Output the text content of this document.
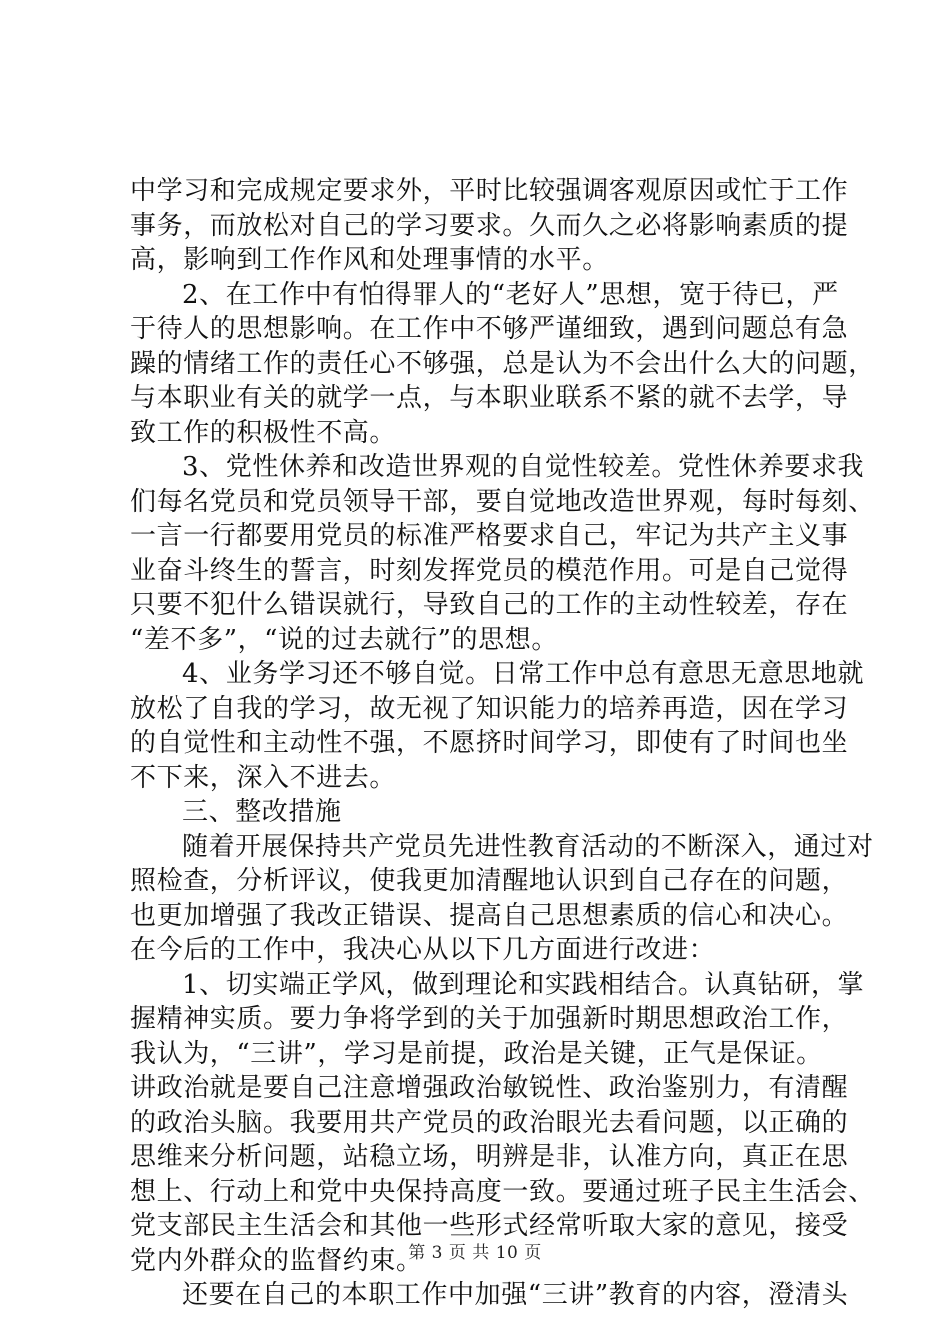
中学习和完成规定要求外，平时比较强调客观原因或忙于工作
事务，而放松对自己的学习要求。久而久之必将影响素质的提
高，影响到工作作风和处理事情的水平。
2、在工作中有怕得罪人的“老好人”思想，宽于待已，严
于待人的思想影响。在工作中不够严谨细致，遇到问题总有急
躁的情绪工作的责任心不够强，总是认为不会出什么大的问题，
与本职业有关的就学一点，与本职业联系不紧的就不去学，导
致工作的积极性不高。
3、党性休养和改造世界观的自觉性较差。党性休养要求我
们每名党员和党员领导干部，要自觉地改造世界观，每时每刻、
一言一行都要用党员的标准严格要求自己，牢记为共产主义事
业奋斗终生的誓言，时刻发挥党员的模范作用。可是自己觉得
只要不犯什么错误就行，导致自己的工作的主动性较差，存在
“差不多”，“说的过去就行”的思想。
4、业务学习还不够自觉。日常工作中总有意思无意思地就
放松了自我的学习，故无视了知识能力的培养再造，因在学习
的自觉性和主动性不强，不愿挤时间学习，即使有了时间也坐
不下来，深入不进去。
三、整改措施
随着开展保持共产党员先进性教育活动的不断深入，通过对
照检查，分析评议，使我更加清醒地认识到自己存在的问题，
也更加增强了我改正错误、提高自己思想素质的信心和决心。
在今后的工作中，我决心从以下几方面进行改进：
1、切实端正学风，做到理论和实践相结合。认真钻研，掌
握精神实质。要力争将学到的关于加强新时期思想政治工作，
我认为，“三讲”，学习是前提，政治是关键，正气是保证。
讲政治就是要自己注意增强政治敏锐性、政治鉴别力，有清醒
的政治头脑。我要用共产党员的政治眼光去看问题，以正确的
思维来分析问题，站稳立场，明辨是非，认准方向，真正在思
想上、行动上和党中央保持高度一致。要通过班子民主生活会、
党支部民主生活会和其他一些形式经常听取大家的意见，接受
党内外群众的监督约束。
还要在自己的本职工作中加强“三讲”教育的内容，澄清头
第 3 页 共 10 页
